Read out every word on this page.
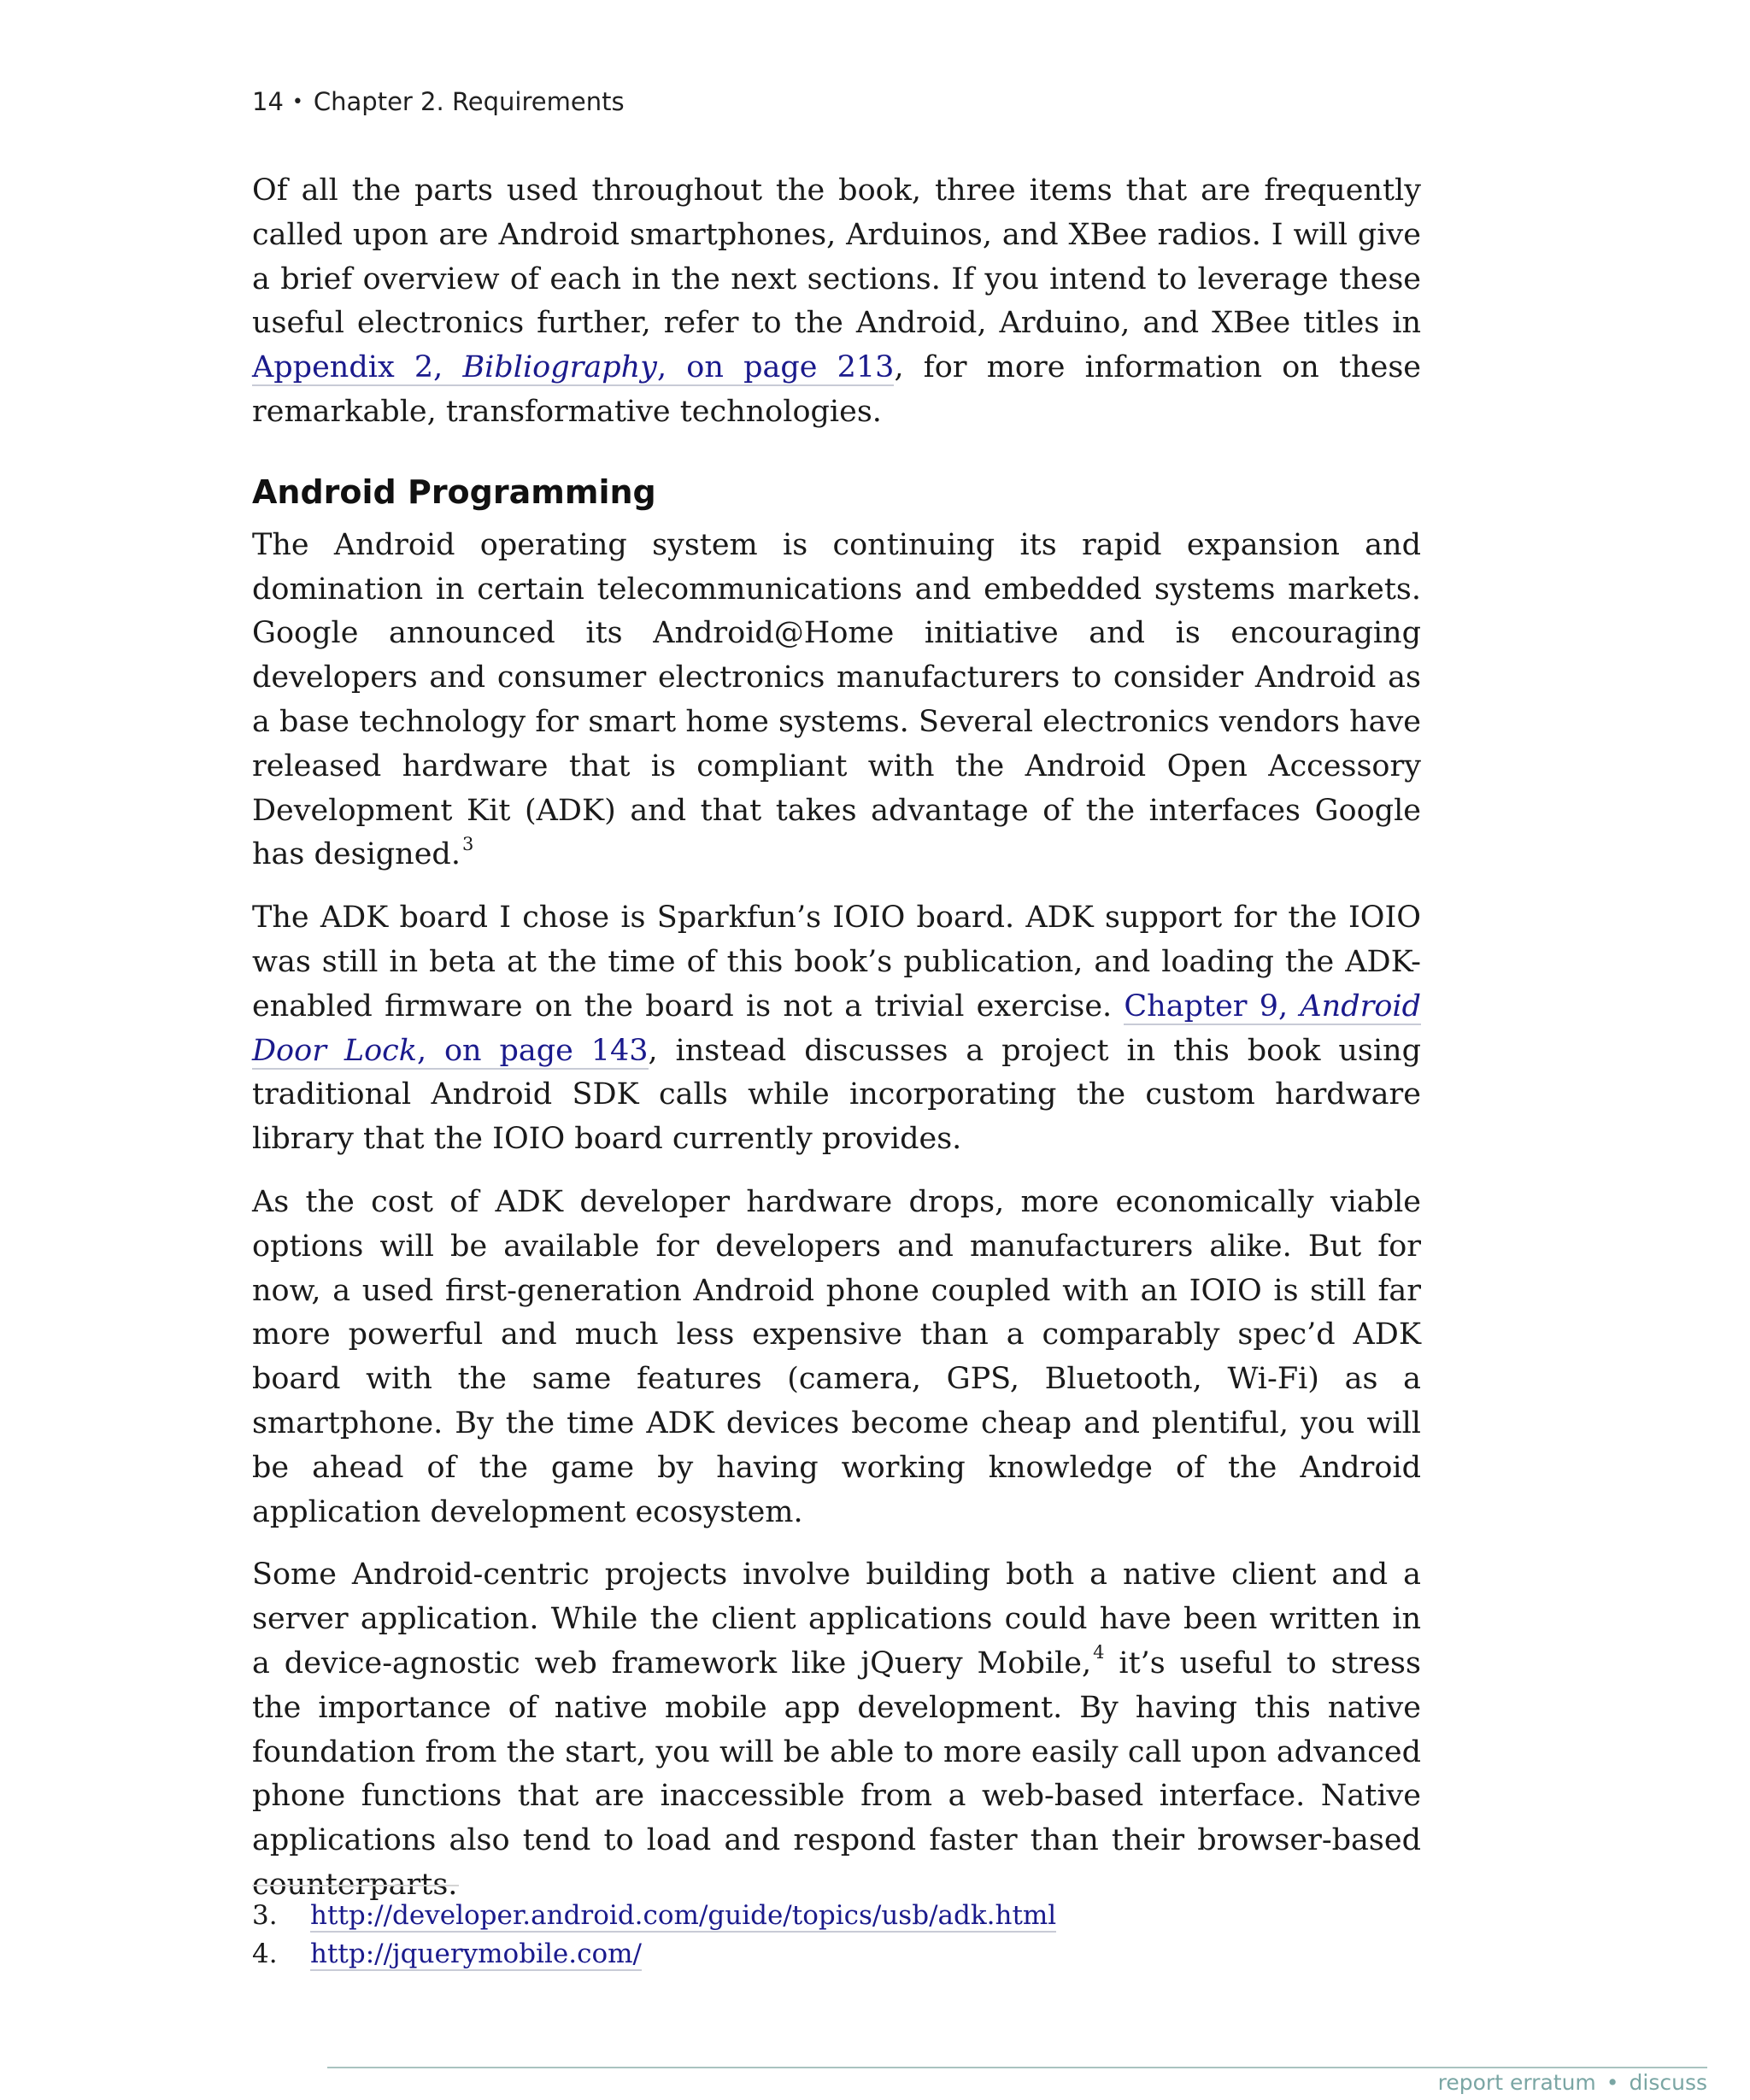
14 • Chapter 2. Requirements

Of all the parts used throughout the book, three items that are frequently called upon are Android smartphones, Arduinos, and XBee radios. I will give a brief overview of each in the next sections. If you intend to leverage these useful electronics further, refer to the Android, Arduino, and XBee titles in Appendix 2, Bibliography, on page 213, for more information on these remarkable, transformative technologies.

Android Programming

The Android operating system is continuing its rapid expansion and domination in certain telecommunications and embedded systems markets. Google announced its Android@Home initiative and is encouraging developers and consumer electronics manufacturers to consider Android as a base technology for smart home systems. Several electronics vendors have released hardware that is compliant with the Android Open Accessory Development Kit (ADK) and that takes advantage of the interfaces Google has designed.$^3$

The ADK board I chose is Sparkfun’s IOIO board. ADK support for the IOIO was still in beta at the time of this book’s publication, and loading the ADK-enabled firmware on the board is not a trivial exercise. Chapter 9, Android Door Lock, on page 143, instead discusses a project in this book using traditional Android SDK calls while incorporating the custom hardware library that the IOIO board currently provides.

As the cost of ADK developer hardware drops, more economically viable options will be available for developers and manufacturers alike. But for now, a used first-generation Android phone coupled with an IOIO is still far more powerful and much less expensive than a comparably spec’d ADK board with the same features (camera, GPS, Bluetooth, Wi-Fi) as a smartphone. By the time ADK devices become cheap and plentiful, you will be ahead of the game by having working knowledge of the Android application development ecosystem.

Some Android-centric projects involve building both a native client and a server application. While the client applications could have been written in a device-agnostic web framework like jQuery Mobile,$^4$ it’s useful to stress the importance of native mobile app development. By having this native foundation from the start, you will be able to more easily call upon advanced phone functions that are inaccessible from a web-based interface. Native applications also tend to load and respond faster than their browser-based counterparts.

3. http://developer.android.com/guide/topics/usb/adk.html
4. http://jquerymobile.com/
report erratum • discuss
